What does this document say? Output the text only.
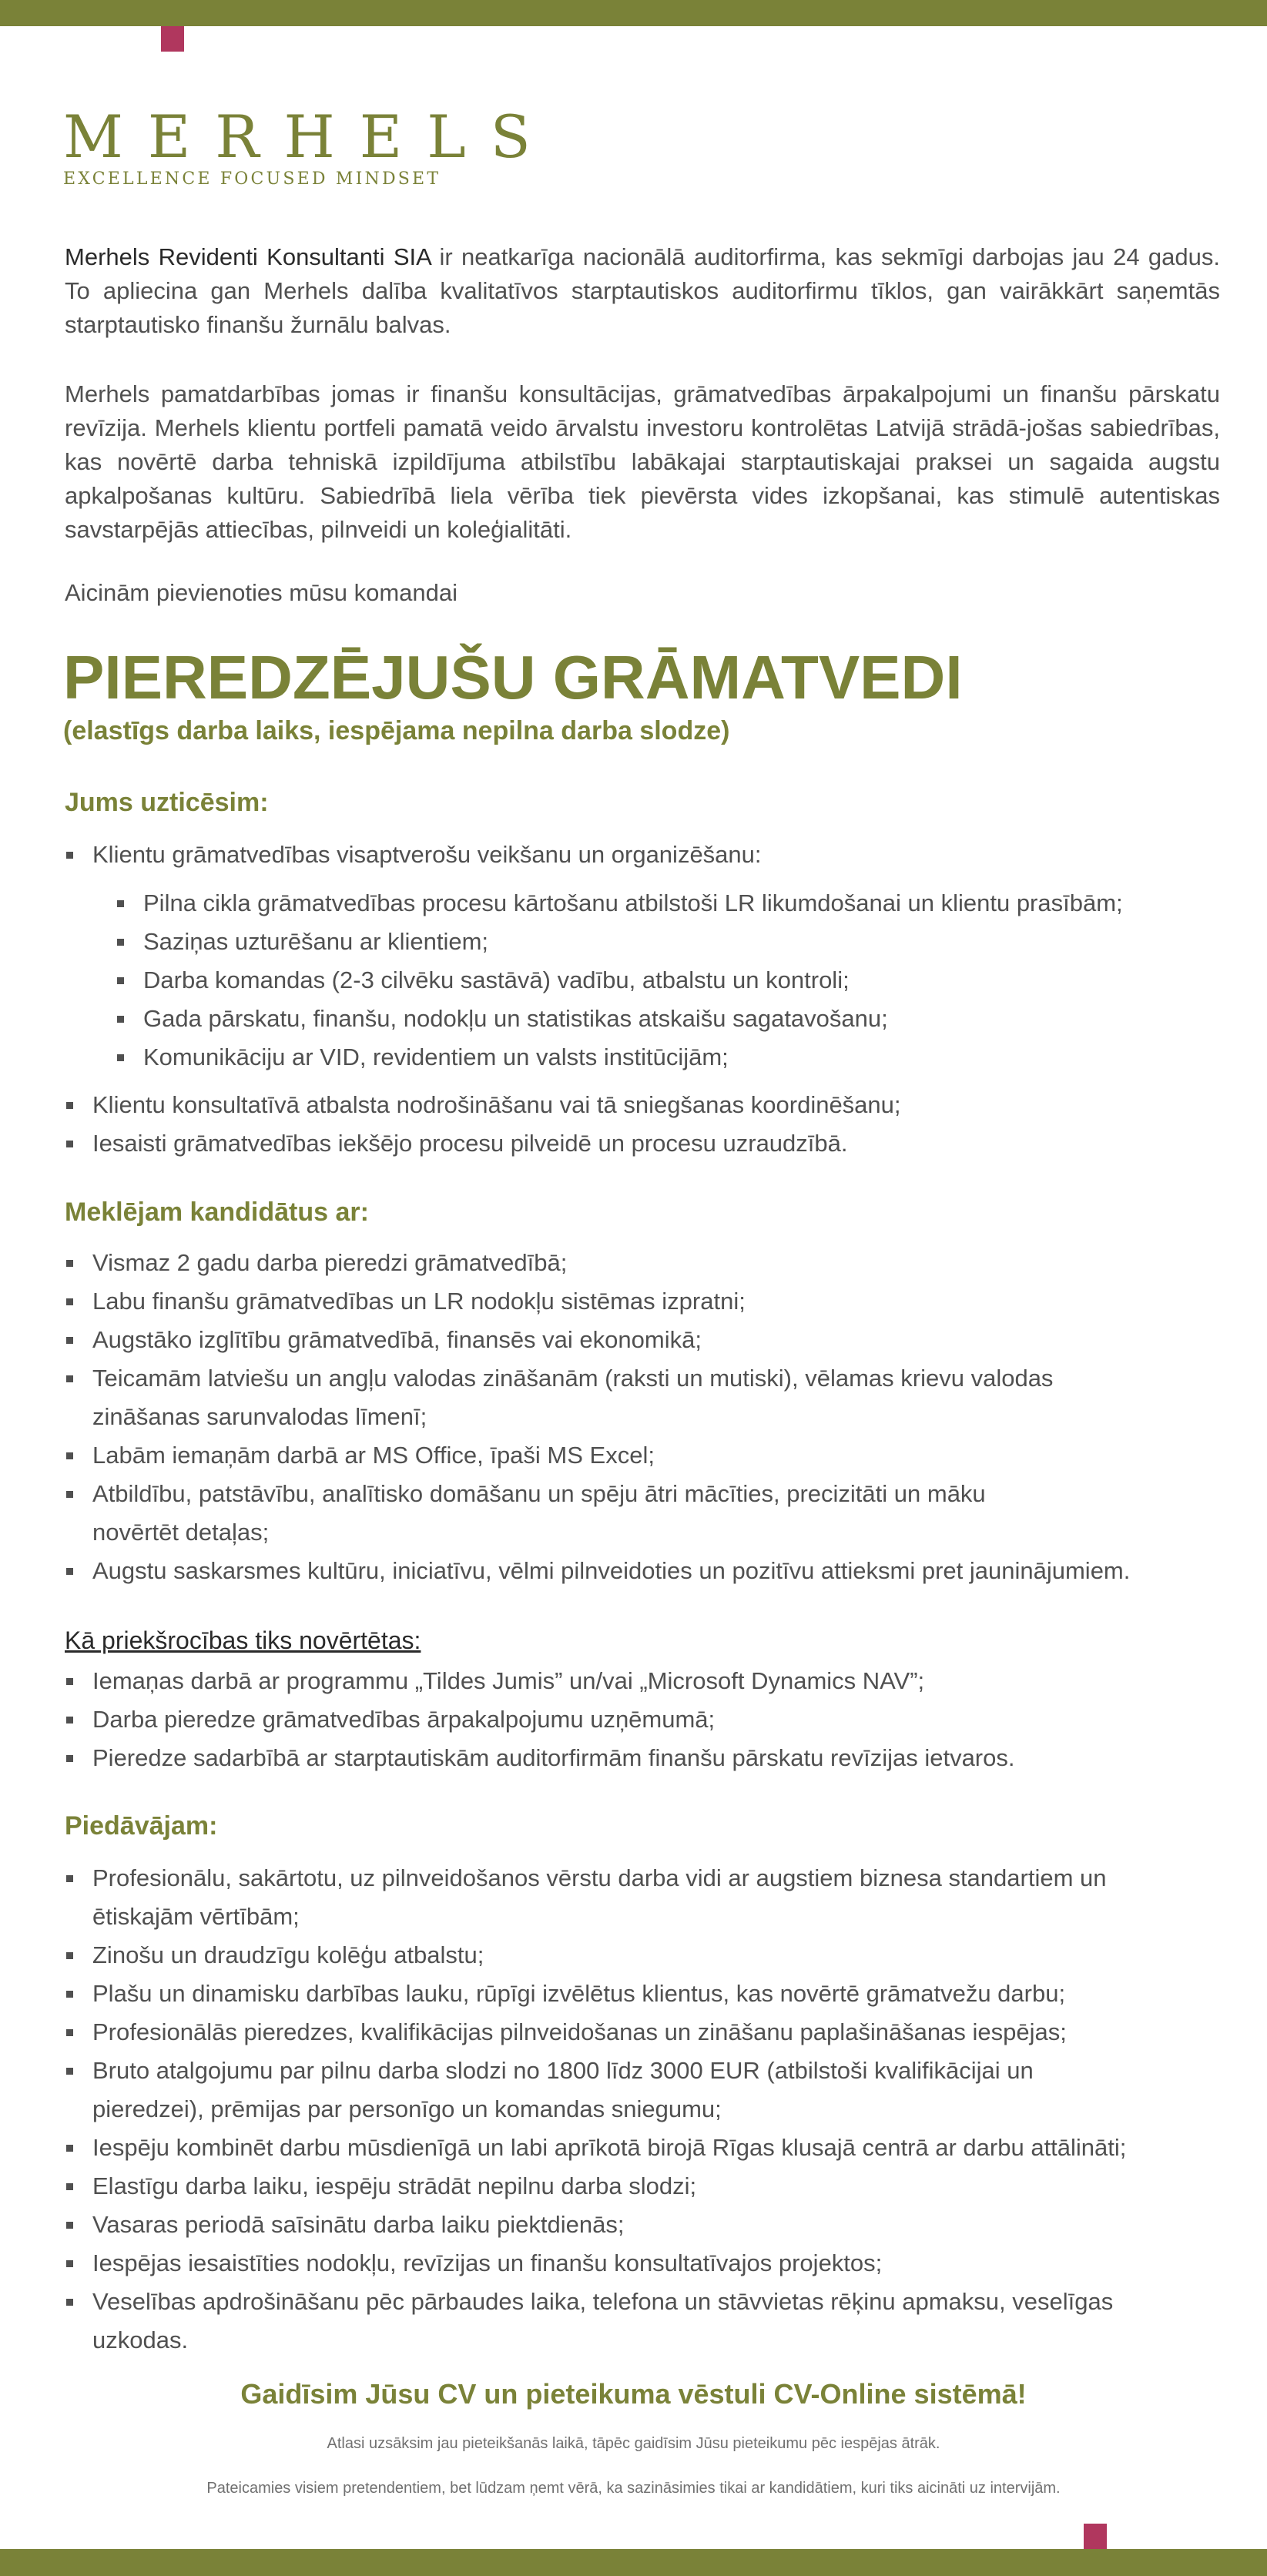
MERHELS
EXCELLENCE FOCUSED MINDSET

Merhels Revidenti Konsultanti SIA ir neatkarīga nacionālā auditorfirma, kas sekmīgi darbojas jau 24 gadus. To apliecina gan Merhels dalība kvalitatīvos starptautiskos auditorfirmu tīklos, gan vairākkārt saņemtās starptautisko finanšu žurnālu balvas.

Merhels pamatdarbības jomas ir finanšu konsultācijas, grāmatvedības ārpakalpojumi un finanšu pārskatu revīzija. Merhels klientu portfeli pamatā veido ārvalstu investoru kontrolētas Latvijā strādā-jošas sabiedrības, kas novērtē darba tehniskā izpildījuma atbilstību labākajai starptautiskajai praksei un sagaida augstu apkalpošanas kultūru. Sabiedrībā liela vērība tiek pievērsta vides izkopšanai, kas stimulē autentiskas savstarpējās attiecības, pilnveidi un koleģialitāti.

Aicinām pievienoties mūsu komandai
PIEREDZĒJUŠU GRĀMATVEDI
(elastīgs darba laiks, iespējama nepilna darba slodze)
Jums uzticēsim:
Klientu grāmatvedības visaptverošu veikšanu un organizēšanu:
Pilna cikla grāmatvedības procesu kārtošanu atbilstoši LR likumdošanai un klientu prasībām;
Saziņas uzturēšanu ar klientiem;
Darba komandas (2-3 cilvēku sastāvā) vadību, atbalstu un kontroli;
Gada pārskatu, finanšu, nodokļu un statistikas atskaišu sagatavošanu;
Komunikāciju ar VID, revidentiem un valsts institūcijām;
Klientu konsultatīvā atbalsta nodrošināšanu vai tā sniegšanas koordinēšanu;
Iesaisti grāmatvedības iekšējo procesu pilveidē un procesu uzraudzībā.
Meklējam kandidātus ar:
Vismaz 2 gadu darba pieredzi grāmatvedībā;
Labu finanšu grāmatvedības un LR nodokļu sistēmas izpratni;
Augstāko izglītību grāmatvedībā, finansēs vai ekonomikā;
Teicamām latviešu un angļu valodas zināšanām (raksti un mutiski), vēlamas krievu valodas
zināšanas sarunvalodas līmenī;
Labām iemaņām darbā ar MS Office, īpaši MS Excel;
Atbildību, patstāvību, analītisko domāšanu un spēju ātri mācīties, precizitāti un māku
novērtēt detaļas;
Augstu saskarsmes kultūru, iniciatīvu, vēlmi pilnveidoties un pozitīvu attieksmi pret jauninājumiem.
Kā priekšrocības tiks novērtētas:
Iemaņas darbā ar programmu „Tildes Jumis” un/vai „Microsoft Dynamics NAV”;
Darba pieredze grāmatvedības ārpakalpojumu uzņēmumā;
Pieredze sadarbībā ar starptautiskām auditorfirmām finanšu pārskatu revīzijas ietvaros.
Piedāvājam:
Profesionālu, sakārtotu, uz pilnveidošanos vērstu darba vidi ar augstiem biznesa standartiem un
ētiskajām vērtībām;
Zinošu un draudzīgu kolēģu atbalstu;
Plašu un dinamisku darbības lauku, rūpīgi izvēlētus klientus, kas novērtē grāmatvežu darbu;
Profesionālās pieredzes, kvalifikācijas pilnveidošanas un zināšanu paplašināšanas iespējas;
Bruto atalgojumu par pilnu darba slodzi no 1800 līdz 3000 EUR (atbilstoši kvalifikācijai un
pieredzei), prēmijas par personīgo un komandas sniegumu;
Iespēju kombinēt darbu mūsdienīgā un labi aprīkotā birojā Rīgas klusajā centrā ar darbu attālināti;
Elastīgu darba laiku, iespēju strādāt nepilnu darba slodzi;
Vasaras periodā saīsinātu darba laiku piektdienās;
Iespējas iesaistīties nodokļu, revīzijas un finanšu konsultatīvajos projektos;
Veselības apdrošināšanu pēc pārbaudes laika, telefona un stāvvietas rēķinu apmaksu, veselīgas
uzkodas.
Gaidīsim Jūsu CV un pieteikuma vēstuli CV-Online sistēmā!
Atlasi uzsāksim jau pieteikšanās laikā, tāpēc gaidīsim Jūsu pieteikumu pēc iespējas ātrāk.
Pateicamies visiem pretendentiem, bet lūdzam ņemt vērā, ka sazināsimies tikai ar kandidātiem, kuri tiks aicināti uz intervijām.
